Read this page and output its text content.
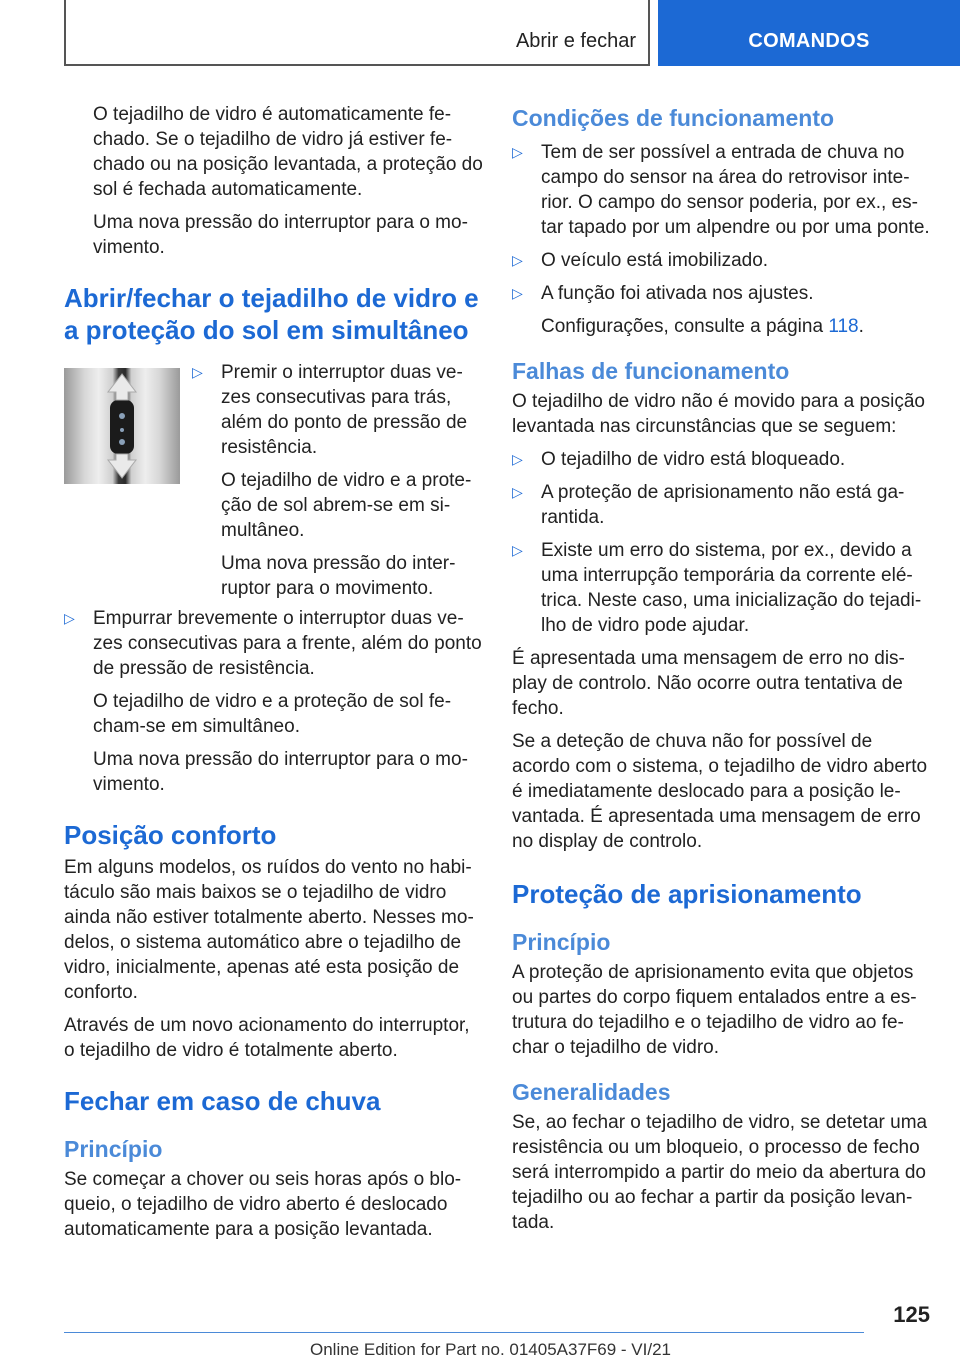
Abrir e fechar	COMANDOS

O tejadilho de vidro é automaticamente fe-chado. Se o tejadilho de vidro já estiver fe-chado ou na posição levantada, a proteção do sol é fechada automaticamente.

Uma nova pressão do interruptor para o mo-vimento.

Abrir/fechar o tejadilho de vidro e a proteção do sol em simultâneo
▷ Premir o interruptor duas ve-zes consecutivas para trás, além do ponto de pressão de resistência.

O tejadilho de vidro e a prote-ção de sol abrem-se em si-multâneo.

Uma nova pressão do inter-ruptor para o movimento.

▷ Empurrar brevemente o interruptor duas ve-zes consecutivas para a frente, além do ponto de pressão de resistência.

O tejadilho de vidro e a proteção de sol fe-cham-se em simultâneo.

Uma nova pressão do interruptor para o mo-vimento.

Posição conforto

Em alguns modelos, os ruídos do vento no habi-táculo são mais baixos se o tejadilho de vidro ainda não estiver totalmente aberto. Nesses mo-delos, o sistema automático abre o tejadilho de vidro, inicialmente, apenas até esta posição de conforto.

Através de um novo acionamento do interruptor, o tejadilho de vidro é totalmente aberto.

Fechar em caso de chuva
Princípio

Se começar a chover ou seis horas após o blo-queio, o tejadilho de vidro aberto é deslocado automaticamente para a posição levantada.

Condições de funcionamento
▷ Tem de ser possível a entrada de chuva no campo do sensor na área do retrovisor inte-rior. O campo do sensor poderia, por ex., es-tar tapado por um alpendre ou por uma ponte.
▷ O veículo está imobilizado.
▷ A função foi ativada nos ajustes.

Configurações, consulte a página 118.

Falhas de funcionamento

O tejadilho de vidro não é movido para a posição levantada nas circunstâncias que se seguem:

▷ O tejadilho de vidro está bloqueado.
▷ A proteção de aprisionamento não está ga-rantida.
▷ Existe um erro do sistema, por ex., devido a uma interrupção temporária da corrente elé-trica. Neste caso, uma inicialização do tejadi-lho de vidro pode ajudar.

É apresentada uma mensagem de erro no dis-play de controlo. Não ocorre outra tentativa de fecho.

Se a deteção de chuva não for possível de acordo com o sistema, o tejadilho de vidro aberto é imediatamente deslocado para a posição le-vantada. É apresentada uma mensagem de erro no display de controlo.

Proteção de aprisionamento
Princípio

A proteção de aprisionamento evita que objetos ou partes do corpo fiquem entalados entre a es-trutura do tejadilho e o tejadilho de vidro ao fe-char o tejadilho de vidro.

Generalidades

Se, ao fechar o tejadilho de vidro, se detetar uma resistência ou um bloqueio, o processo de fecho será interrompido a partir do meio da abertura do tejadilho ou ao fechar a partir da posição levan-tada.

125
Online Edition for Part no. 01405A37F69 - VI/21
